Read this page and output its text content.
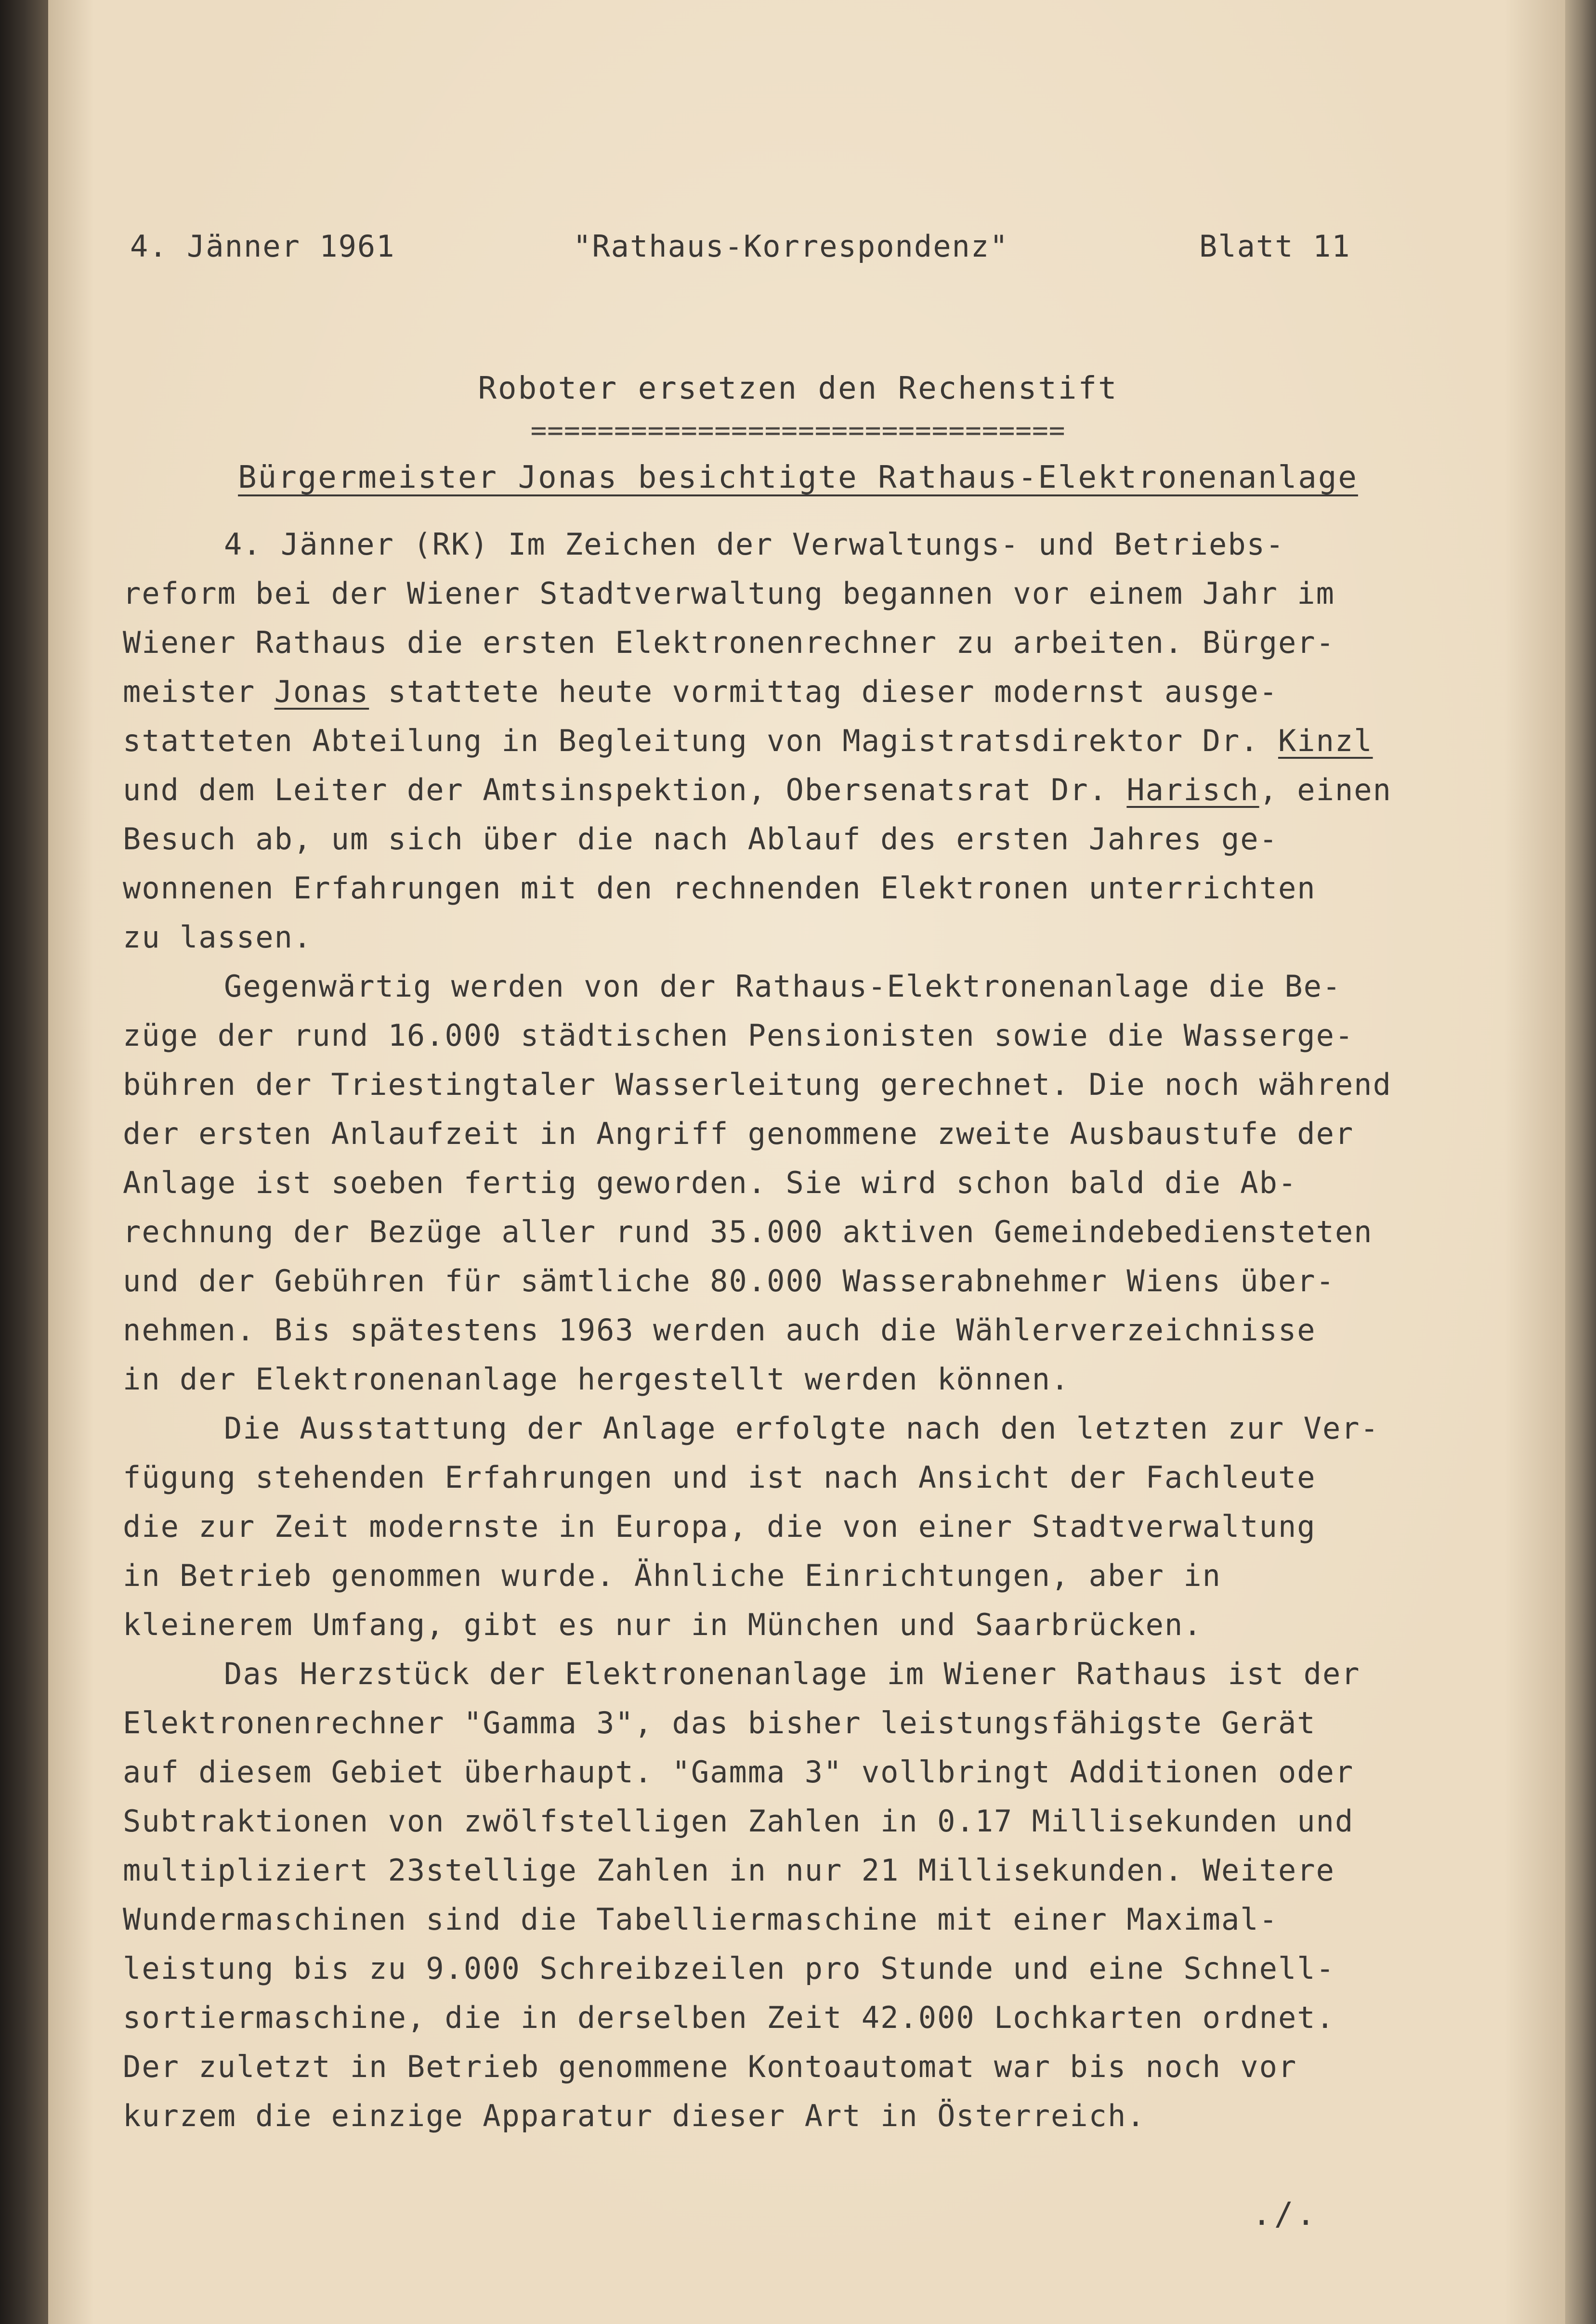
4. Jänner 1961	"Rathaus-Korrespondenz"	Blatt 11
Roboter ersetzen den Rechenstift
================================
Bürgermeister Jonas besichtigte Rathaus-Elektronenanlage
4. Jänner (RK) Im Zeichen der Verwaltungs- und Betriebs-
reform bei der Wiener Stadtverwaltung begannen vor einem Jahr im
Wiener Rathaus die ersten Elektronenrechner zu arbeiten. Bürger-
meister Jonas stattete heute vormittag dieser modernst ausge-
statteten Abteilung in Begleitung von Magistratsdirektor Dr. Kinzl
und dem Leiter der Amtsinspektion, Obersenatsrat Dr. Harisch, einen
Besuch ab, um sich über die nach Ablauf des ersten Jahres ge-
wonnenen Erfahrungen mit den rechnenden Elektronen unterrichten
zu lassen.
Gegenwärtig werden von der Rathaus-Elektronenanlage die Be-
züge der rund 16.000 städtischen Pensionisten sowie die Wasserge-
bühren der Triestingtaler Wasserleitung gerechnet. Die noch während
der ersten Anlaufzeit in Angriff genommene zweite Ausbaustufe der
Anlage ist soeben fertig geworden. Sie wird schon bald die Ab-
rechnung der Bezüge aller rund 35.000 aktiven Gemeindebediensteten
und der Gebühren für sämtliche 80.000 Wasserabnehmer Wiens über-
nehmen. Bis spätestens 1963 werden auch die Wählerverzeichnisse
in der Elektronenanlage hergestellt werden können.
Die Ausstattung der Anlage erfolgte nach den letzten zur Ver-
fügung stehenden Erfahrungen und ist nach Ansicht der Fachleute
die zur Zeit modernste in Europa, die von einer Stadtverwaltung
in Betrieb genommen wurde. Ähnliche Einrichtungen, aber in
kleinerem Umfang, gibt es nur in München und Saarbrücken.
Das Herzstück der Elektronenanlage im Wiener Rathaus ist der
Elektronenrechner "Gamma 3", das bisher leistungsfähigste Gerät
auf diesem Gebiet überhaupt. "Gamma 3" vollbringt Additionen oder
Subtraktionen von zwölfstelligen Zahlen in 0.17 Millisekunden und
multipliziert 23stellige Zahlen in nur 21 Millisekunden. Weitere
Wundermaschinen sind die Tabelliermaschine mit einer Maximal-
leistung bis zu 9.000 Schreibzeilen pro Stunde und eine Schnell-
sortiermaschine, die in derselben Zeit 42.000 Lochkarten ordnet.
Der zuletzt in Betrieb genommene Kontoautomat war bis noch vor
kurzem die einzige Apparatur dieser Art in Österreich.
./.
